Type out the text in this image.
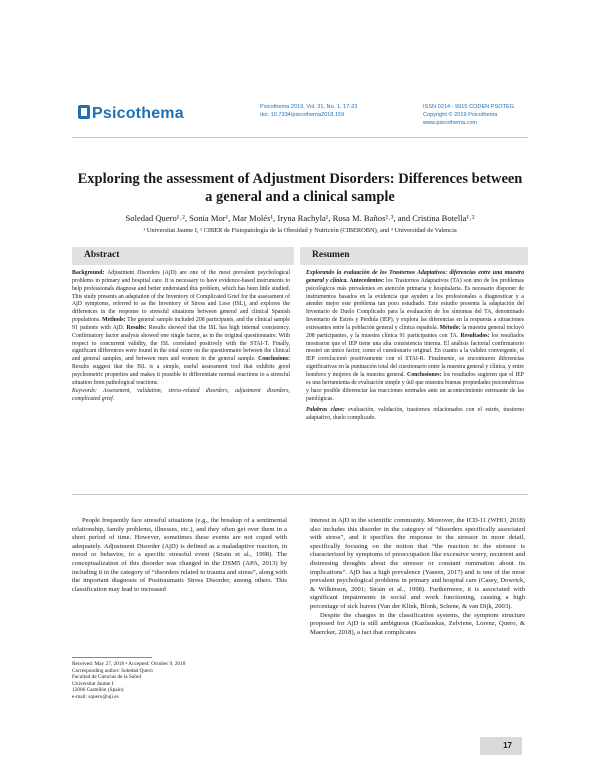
Psicothema	Psicothema 2019, Vol. 31, No. 1, 17-23
doi: 10.7334/psicothema2018.159
ISSN 0214 - 9915 CODEN PSOTEG
Copyright © 2019 Psicothema
www.psicothema.com
Exploring the assessment of Adjustment Disorders: Differences between
a general and a clinical sample
Soledad Quero¹˒², Sonia Mor¹, Mar Molés¹, Iryna Rachyla¹, Rosa M. Baños²˒³, and Cristina Botella¹˒²
¹ Universitat Jaume I, ² CIBER de Fisiopatología de la Obesidad y Nutrición (CIBEROBN), and ³ Universidad de Valencia
Abstract	Resumen

Background: Adjustment Disorders (AjD) are one of the most prevalent psychological problems in primary and hospital care. It is necessary to have evidence-based instruments to help professionals diagnose and better understand this problem, which has been little studied. This study presents an adaptation of the Inventory of Complicated Grief for the assessment of AjD symptoms, referred to as the Inventory of Stress and Loss (ISL), and explores the differences in the response to stressful situations between general and clinical Spanish populations. Methods: The general sample included 208 participants, and the clinical sample 91 patients with AjD. Results: Results showed that the ISL has high internal consistency. Confirmatory factor analysis showed one single factor, as in the original questionnaire. With respect to concurrent validity, the ISL correlated positively with the STAI-T. Finally, significant differences were found in the total score on the questionnaire between the clinical and general samples, and between men and women in the general sample. Conclusions: Results suggest that the ISL is a simple, useful assessment tool that exhibits good psychometric properties and makes it possible to differentiate normal reactions to a stressful situation from pathological reactions.

Keywords: Assessment, validation, stress-related disorders, adjustment disorders, complicated grief.

Explorando la evaluación de los Trastornos Adaptativos: diferencias entre una muestra general y clínica. Antecedentes: los Trastornos Adaptativos (TA) son uno de los problemas psicológicos más prevalentes en atención primaria y hospitalaria. Es necesario disponer de instrumentos basados en la evidencia que ayuden a los profesionales a diagnosticar y a atender mejor este problema tan poco estudiado. Este estudio presenta la adaptación del Inventario de Duelo Complicado para la evaluación de los síntomas del TA, denominado Inventario de Estrés y Pérdida (IEP), y explora las diferencias en la respuesta a situaciones estresantes entre la población general y clínica española. Método: la muestra general incluyó 208 participantes, y la muestra clínica 91 participantes con TA. Resultados: los resultados mostraron que el IEP tiene una alta consistencia interna. El análisis factorial confirmatorio mostró un único factor, como el cuestionario original. En cuanto a la validez convergente, el IEP correlacionó positivamente con el STAI-R. Finalmente, se encontraron diferencias significativas en la puntuación total del cuestionario entre la muestra general y clínica, y entre hombres y mujeres de la muestra general. Conclusiones: los resultados sugieren que el IEP es una herramienta de evaluación simple y útil que muestra buenas propiedades psicométricas y hace posible diferenciar las reacciones normales ante un acontecimiento estresante de las patológicas.

Palabras clave: evaluación, validación, trastornos relacionados con el estrés, trastorno adaptativo, duelo complicado.

People frequently face stressful situations (e.g., the breakup of a sentimental relationship, family problems, illnesses, etc.), and they often get over them in a short period of time. However, sometimes these events are not coped with adequately. Adjustment Disorder (AjD) is defined as a maladaptive reaction, in mood or behavior, to a specific stressful event (Strain et al., 1998). The conceptualization of this disorder was changed in the DSM5 (APA, 2013) by including it in the category of “disorders related to trauma and stress”, along with the important diagnosis of Posttraumatic Stress Disorder, among others. This classification may lead to increased

interest in AjD in the scientific community. Moreover, the ICD-11 (WHO, 2018) also includes this disorder in the category of “disorders specifically associated with stress”, and it specifies the response to the stressor in more detail, specifically focusing on the notion that “the reaction to the stressor is characterized by symptoms of preoccupation like excessive worry, recurrent and distressing thoughts about the stressor or constant rumination about its implications”. AjD has a high prevalence (Yaseen, 2017) and is one of the most prevalent psychological problems in primary and hospital care (Casey, Dowrick, & Wilkinson, 2001; Strain et al., 1998). Furthermore, it is associated with significant impairments in social and work functioning, causing a high percentage of sick leaves (Van der Klink, Blonk, Schene, & van Dijk, 2003).

Despite the changes in the classification systems, the symptom structure proposed for AjD is still ambiguous (Kazlauskas, Zelviene, Lorenz, Quero, & Maercker, 2018), a fact that complicates

Received: May 27, 2018 • Accepted: October 9, 2018
Corresponding author: Soledad Quero
Facultad de Ciencias de la Salud
Universitat Jaume I
12006 Castellón (Spain)
e-mail: squero@uji.es
17
